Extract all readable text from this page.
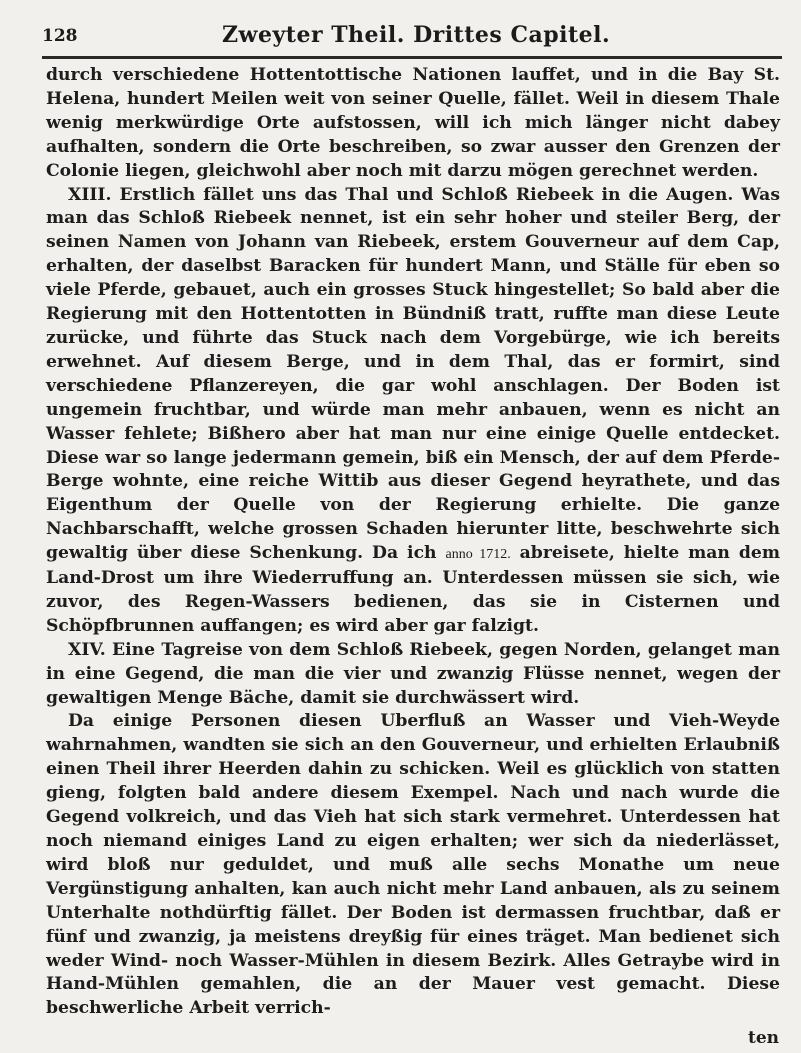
128	Zweyter Theil. Drittes Capitel.

durch verschiedene Hottentottische Nationen lauffet, und in die Bay St. Helena, hundert Meilen weit von seiner Quelle, fället. Weil in diesem Thale wenig merkwürdige Orte aufstossen, will ich mich länger nicht dabey aufhalten, sondern die Orte beschreiben, so zwar ausser den Grenzen der Colonie liegen, gleichwohl aber noch mit darzu mögen gerechnet werden.

XIII. Erstlich fället uns das Thal und Schloß Riebeek in die Augen. Was man das Schloß Riebeek nennet, ist ein sehr hoher und steiler Berg, der seinen Namen von Johann van Riebeek, erstem Gouverneur auf dem Cap, erhalten, der daselbst Baracken für hundert Mann, und Ställe für eben so viele Pferde, gebauet, auch ein grosses Stuck hingestellet; So bald aber die Regierung mit den Hottentotten in Bündniß tratt, ruffte man diese Leute zurücke, und führte das Stuck nach dem Vorgebürge, wie ich bereits erwehnet. Auf diesem Berge, und in dem Thal, das er formirt, sind verschiedene Pflanzereyen, die gar wohl anschlagen. Der Boden ist ungemein fruchtbar, und würde man mehr anbauen, wenn es nicht an Wasser fehlete; Bißhero aber hat man nur eine einige Quelle entdecket. Diese war so lange jedermann gemein, biß ein Mensch, der auf dem Pferde-Berge wohnte, eine reiche Wittib aus dieser Gegend heyrathete, und das Eigenthum der Quelle von der Regierung erhielte. Die ganze Nachbarschafft, welche grossen Schaden hierunter litte, beschwehrte sich gewaltig über diese Schenkung. Da ich anno 1712. abreisete, hielte man dem Land-Drost um ihre Wiederruffung an. Unterdessen müssen sie sich, wie zuvor, des Regen-Wassers bedienen, das sie in Cisternen und Schöpfbrunnen auffangen; es wird aber gar falzigt.

XIV. Eine Tagreise von dem Schloß Riebeek, gegen Norden, gelanget man in eine Gegend, die man die vier und zwanzig Flüsse nennet, wegen der gewaltigen Menge Bäche, damit sie durchwässert wird.

Da einige Personen diesen Uberfluß an Wasser und Vieh-Weyde wahrnahmen, wandten sie sich an den Gouverneur, und erhielten Erlaubniß einen Theil ihrer Heerden dahin zu schicken. Weil es glücklich von statten gieng, folgten bald andere diesem Exempel. Nach und nach wurde die Gegend volkreich, und das Vieh hat sich stark vermehret. Unterdessen hat noch niemand einiges Land zu eigen erhalten; wer sich da niederlässet, wird bloß nur geduldet, und muß alle sechs Monathe um neue Vergünstigung anhalten, kan auch nicht mehr Land anbauen, als zu seinem Unterhalte nothdürftig fället. Der Boden ist dermassen fruchtbar, daß er fünf und zwanzig, ja meistens dreyßig für eines träget. Man bedienet sich weder Wind- noch Wasser-Mühlen in diesem Bezirk. Alles Getraybe wird in Hand-Mühlen gemahlen, die an der Mauer vest gemacht. Diese beschwerliche Arbeit verrich-

ten
